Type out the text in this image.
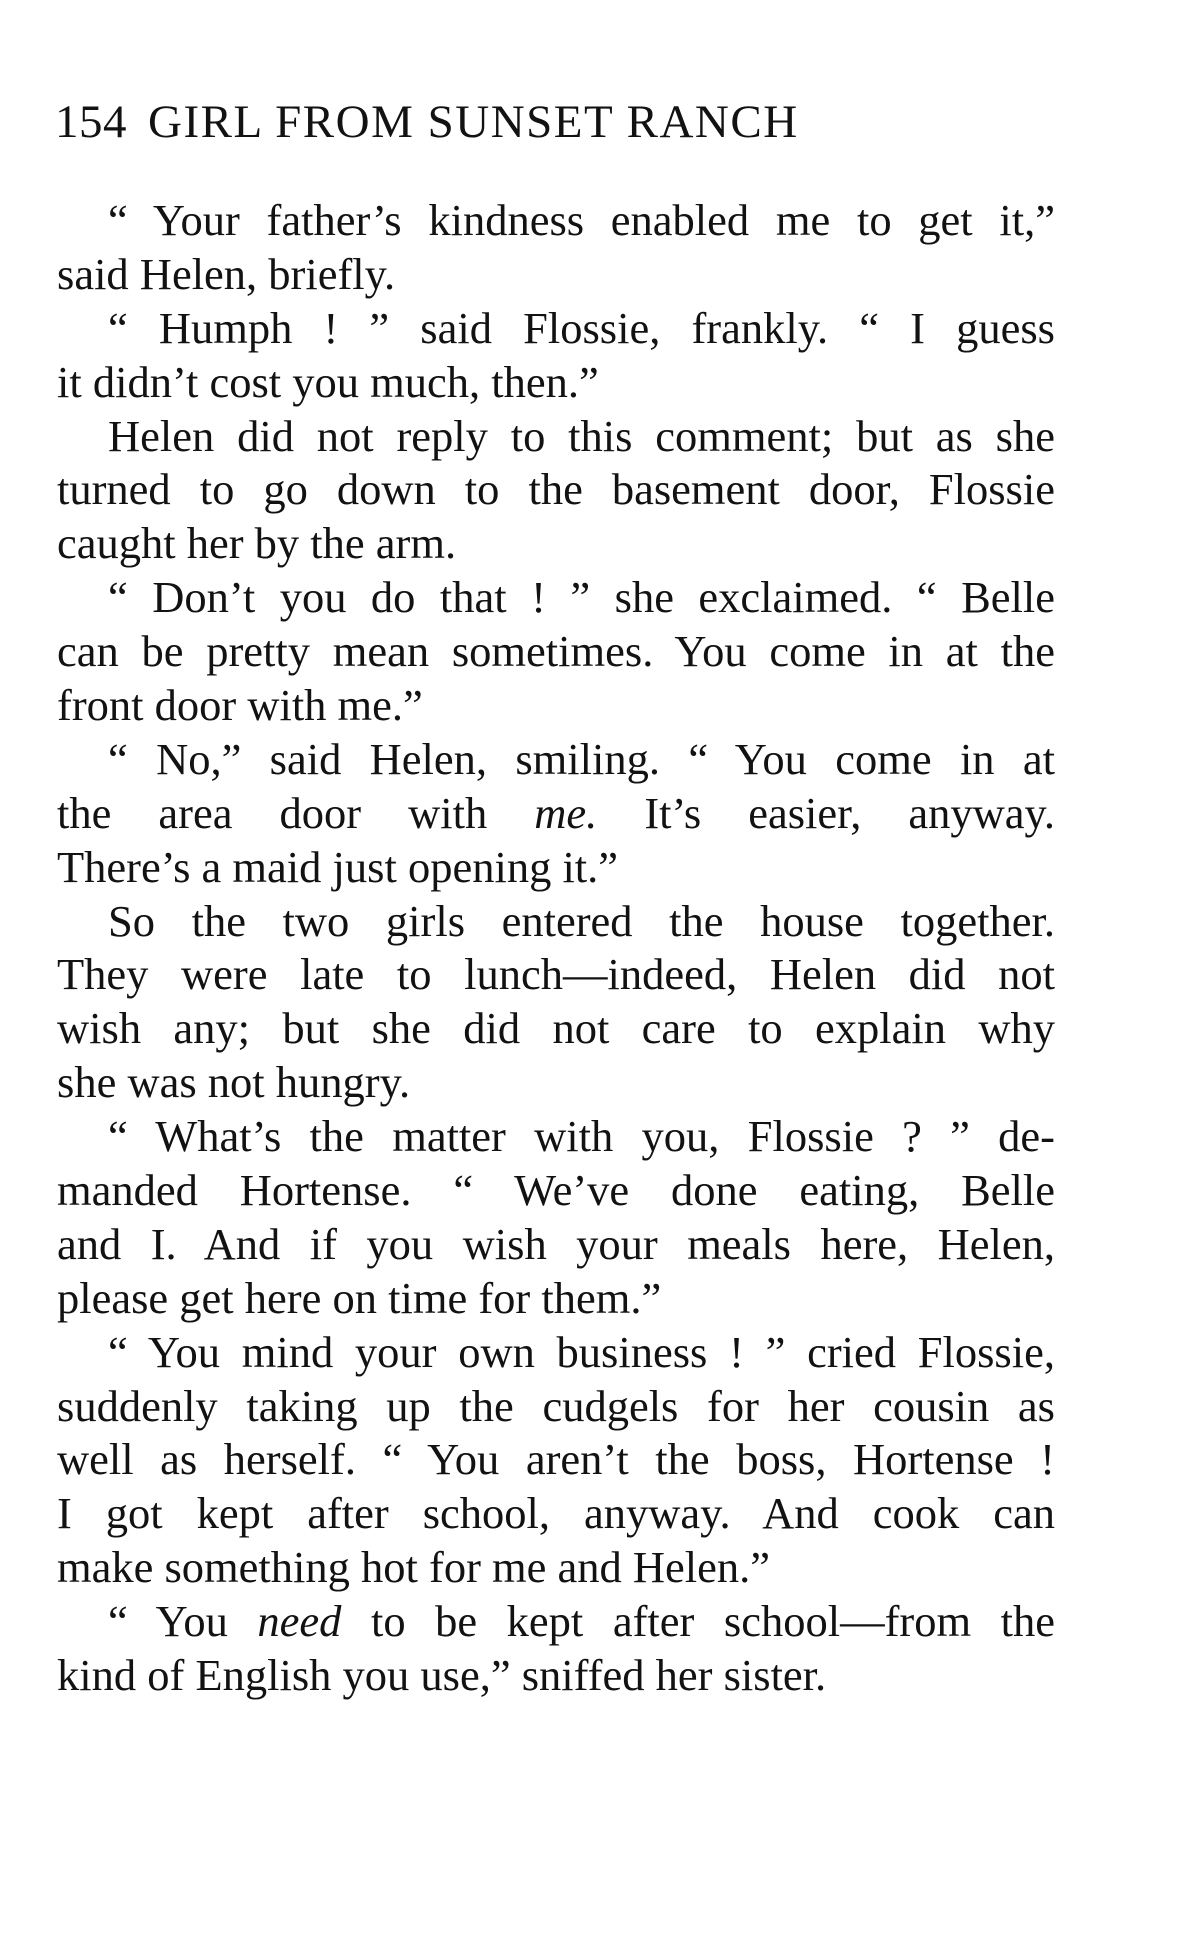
154 GIRL FROM SUNSET RANCH
“ Your father’s kindness enabled me to get it,”
said Helen, briefly.
“ Humph ! ” said Flossie, frankly. “ I guess
it didn’t cost you much, then.”
Helen did not reply to this comment; but as she
turned to go down to the basement door, Flossie
caught her by the arm.
“ Don’t you do that ! ” she exclaimed. “ Belle
can be pretty mean sometimes. You come in at the
front door with me.”
“ No,” said Helen, smiling. “ You come in at
the area door with me. It’s easier, anyway.
There’s a maid just opening it.”
So the two girls entered the house together.
They were late to lunch—indeed, Helen did not
wish any; but she did not care to explain why
she was not hungry.
“ What’s the matter with you, Flossie ? ” de-
manded Hortense. “ We’ve done eating, Belle
and I. And if you wish your meals here, Helen,
please get here on time for them.”
“ You mind your own business ! ” cried Flossie,
suddenly taking up the cudgels for her cousin as
well as herself. “ You aren’t the boss, Hortense !
I got kept after school, anyway. And cook can
make something hot for me and Helen.”
“ You need to be kept after school—from the
kind of English you use,” sniffed her sister.
